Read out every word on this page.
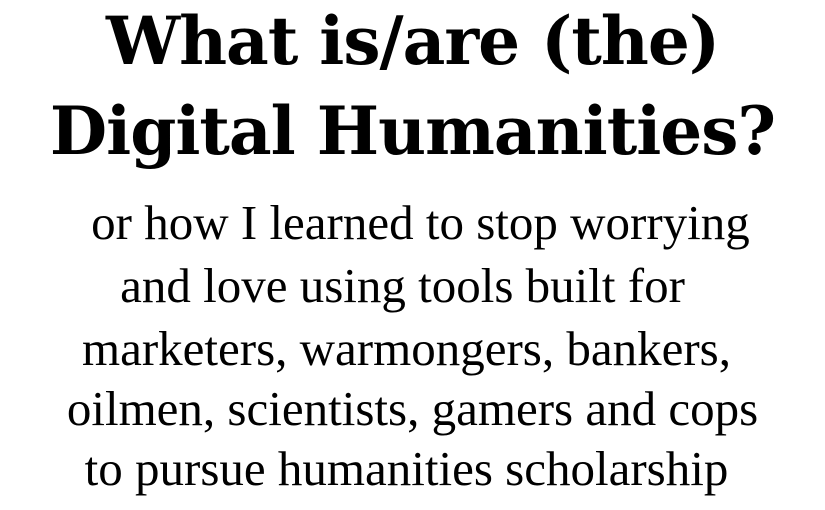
What is/are (the)
Digital Humanities?

or how I learned to stop worrying

and love using tools built for

marketers, warmongers, bankers,

oilmen, scientists, gamers and cops

to pursue humanities scholarship
